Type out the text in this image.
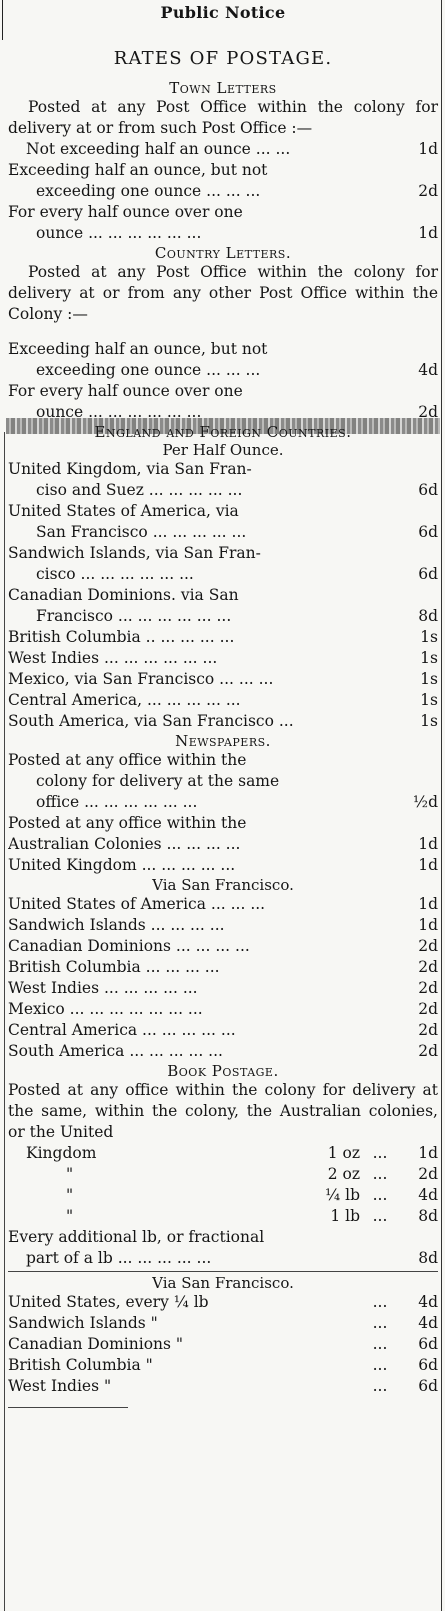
Public Notice
RATES OF POSTAGE.
Town Letters
Posted at any Post Office within the colony for delivery at or from such Post Office :—
Not exceeding half an ounce ... ...	1d
Exceeding half an ounce, but not
exceeding one ounce ... ... ...	2d
For every half ounce over one
ounce ... ... ... ... ... ...	1d
Country Letters.
Posted at any Post Office within the colony for delivery at or from any other Post Office within the Colony :—
Exceeding half an ounce, but not
exceeding one ounce ... ... ...	4d
For every half ounce over one
ounce ... ... ... ... ... ...	2d
England and Foreign Countries.
Per Half Ounce.
United Kingdom, via San Fran-
ciso and Suez ... ... ... ... ...	6d
United States of America, via
San Francisco ... ... ... ... ...	6d
Sandwich Islands, via San Fran-
cisco ... ... ... ... ... ...	6d
Canadian Dominions. via San
Francisco ... ... ... ... ... ...	8d
British Columbia .. ... ... ... ...	1s
West Indies ... ... ... ... ... ...	1s
Mexico, via San Francisco ... ... ...	1s
Central America, ... ... ... ... ...	1s
South America, via San Francisco ...	1s
Newspapers.
Posted at any office within the
colony for delivery at the same
office ... ... ... ... ... ...	½d
Posted at any office within the
Australian Colonies ... ... ... ...	1d
United Kingdom ... ... ... ... ...	1d
Via San Francisco.
United States of America ... ... ...	1d
Sandwich Islands ... ... ... ...	1d
Canadian Dominions ... ... ... ...	2d
British Columbia ... ... ... ...	2d
West Indies ... ... ... ... ...	2d
Mexico ... ... ... ... ... ... ...	2d
Central America ... ... ... ... ...	2d
South America ... ... ... ... ...	2d
Book Postage.
Posted at any office within the colony for delivery at the same, within the colony, the Australian colonies, or the United
Kingdom	1 oz ...	1d
"	2 oz ...	2d
"	¼ lb ...	4d
"	1 lb ...	8d
Every additional lb, or fractional
part of a lb ... ... ... ... ...	8d
Via San Francisco.
United States, every ¼ lb	...	4d
Sandwich Islands "	...	4d
Canadian Dominions "	...	6d
British Columbia "	...	6d
West Indies "	...	6d
